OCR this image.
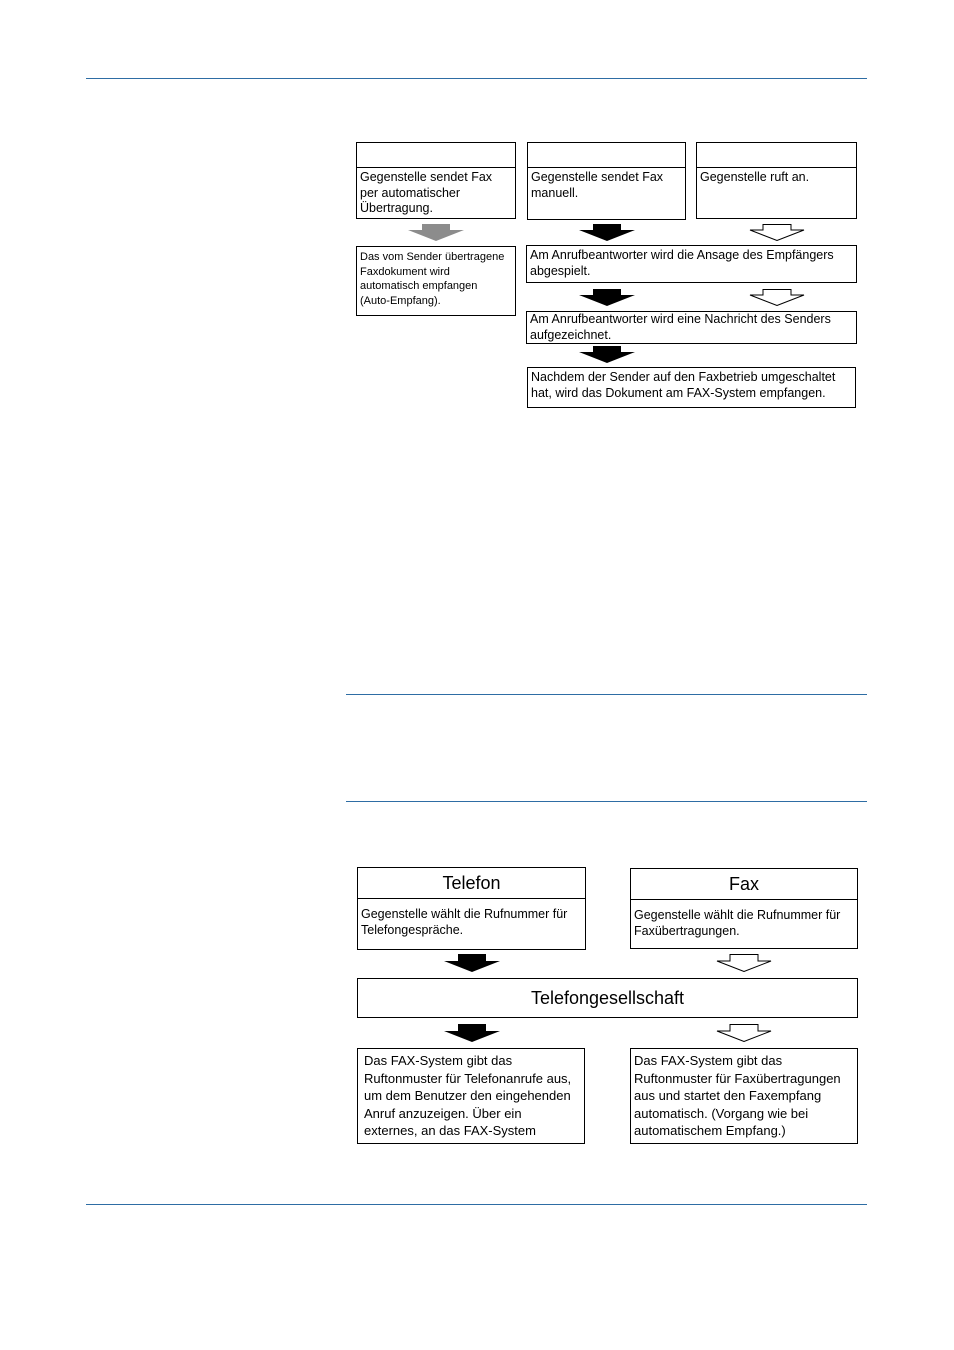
Gegenstelle sendet Fax
per automatischer
Übertragung.
Das vom Sender übertragene
Faxdokument wird
automatisch empfangen
(Auto-Empfang).
Gegenstelle sendet Fax
manuell.
Gegenstelle ruft an.
Am Anrufbeantworter wird die Ansage des Empfängers
abgespielt.
Am Anrufbeantworter wird eine Nachricht des Senders
aufgezeichnet.
Nachdem der Sender auf den Faxbetrieb umgeschaltet
hat, wird das Dokument am FAX-System empfangen.
Telefon
Gegenstelle wählt die Rufnummer für
Telefongespräche.
Fax
Gegenstelle wählt die Rufnummer für
Faxübertragungen.
Telefongesellschaft
Das FAX-System gibt das
Ruftonmuster für Telefonanrufe aus,
um dem Benutzer den eingehenden
Anruf anzuzeigen. Über ein
externes, an das FAX-System
Das FAX-System gibt das
Ruftonmuster für Faxübertragungen
aus und startet den Faxempfang
automatisch. (Vorgang wie bei
automatischem Empfang.)
